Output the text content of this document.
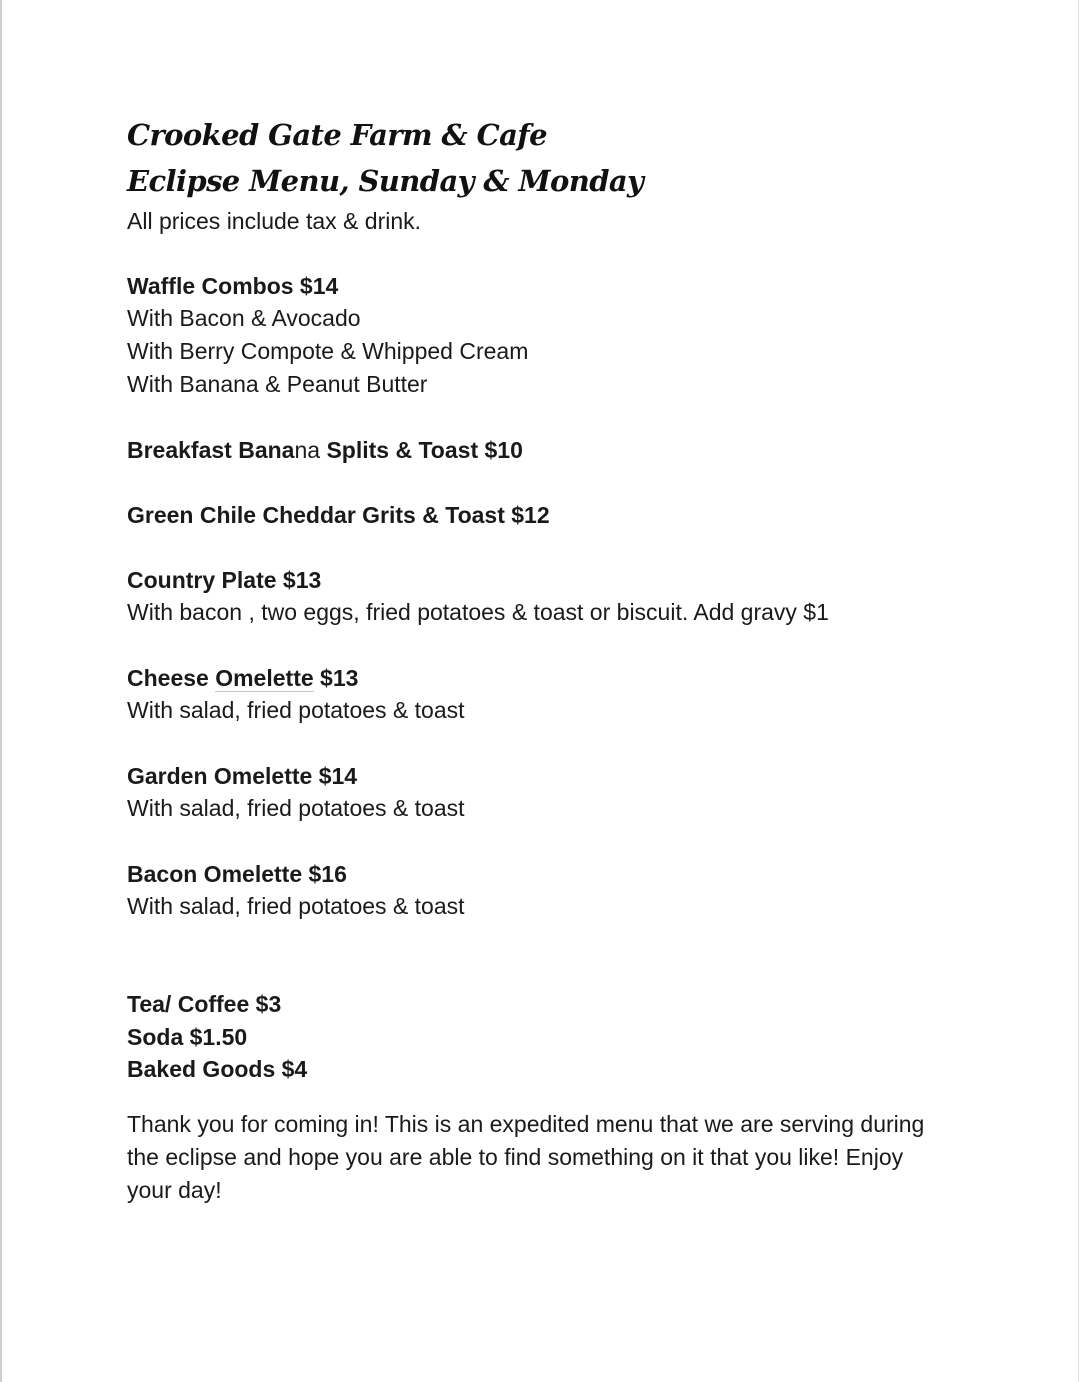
Crooked Gate Farm & Cafe
Eclipse Menu, Sunday & Monday
All prices include tax & drink.
Waffle Combos $14
With Bacon & Avocado
With Berry Compote & Whipped Cream
With Banana & Peanut Butter
Breakfast Banana Splits & Toast $10
Green Chile Cheddar Grits & Toast $12
Country Plate $13
With bacon , two eggs, fried potatoes & toast or biscuit. Add gravy $1
Cheese Omelette $13
With salad, fried potatoes & toast
Garden Omelette $14
With salad, fried potatoes & toast
Bacon Omelette $16
With salad, fried potatoes & toast
Tea/ Coffee $3
Soda $1.50
Baked Goods $4
Thank you for coming in! This is an expedited menu that we are serving during the eclipse and hope you are able to find something on it that you like! Enjoy your day!
